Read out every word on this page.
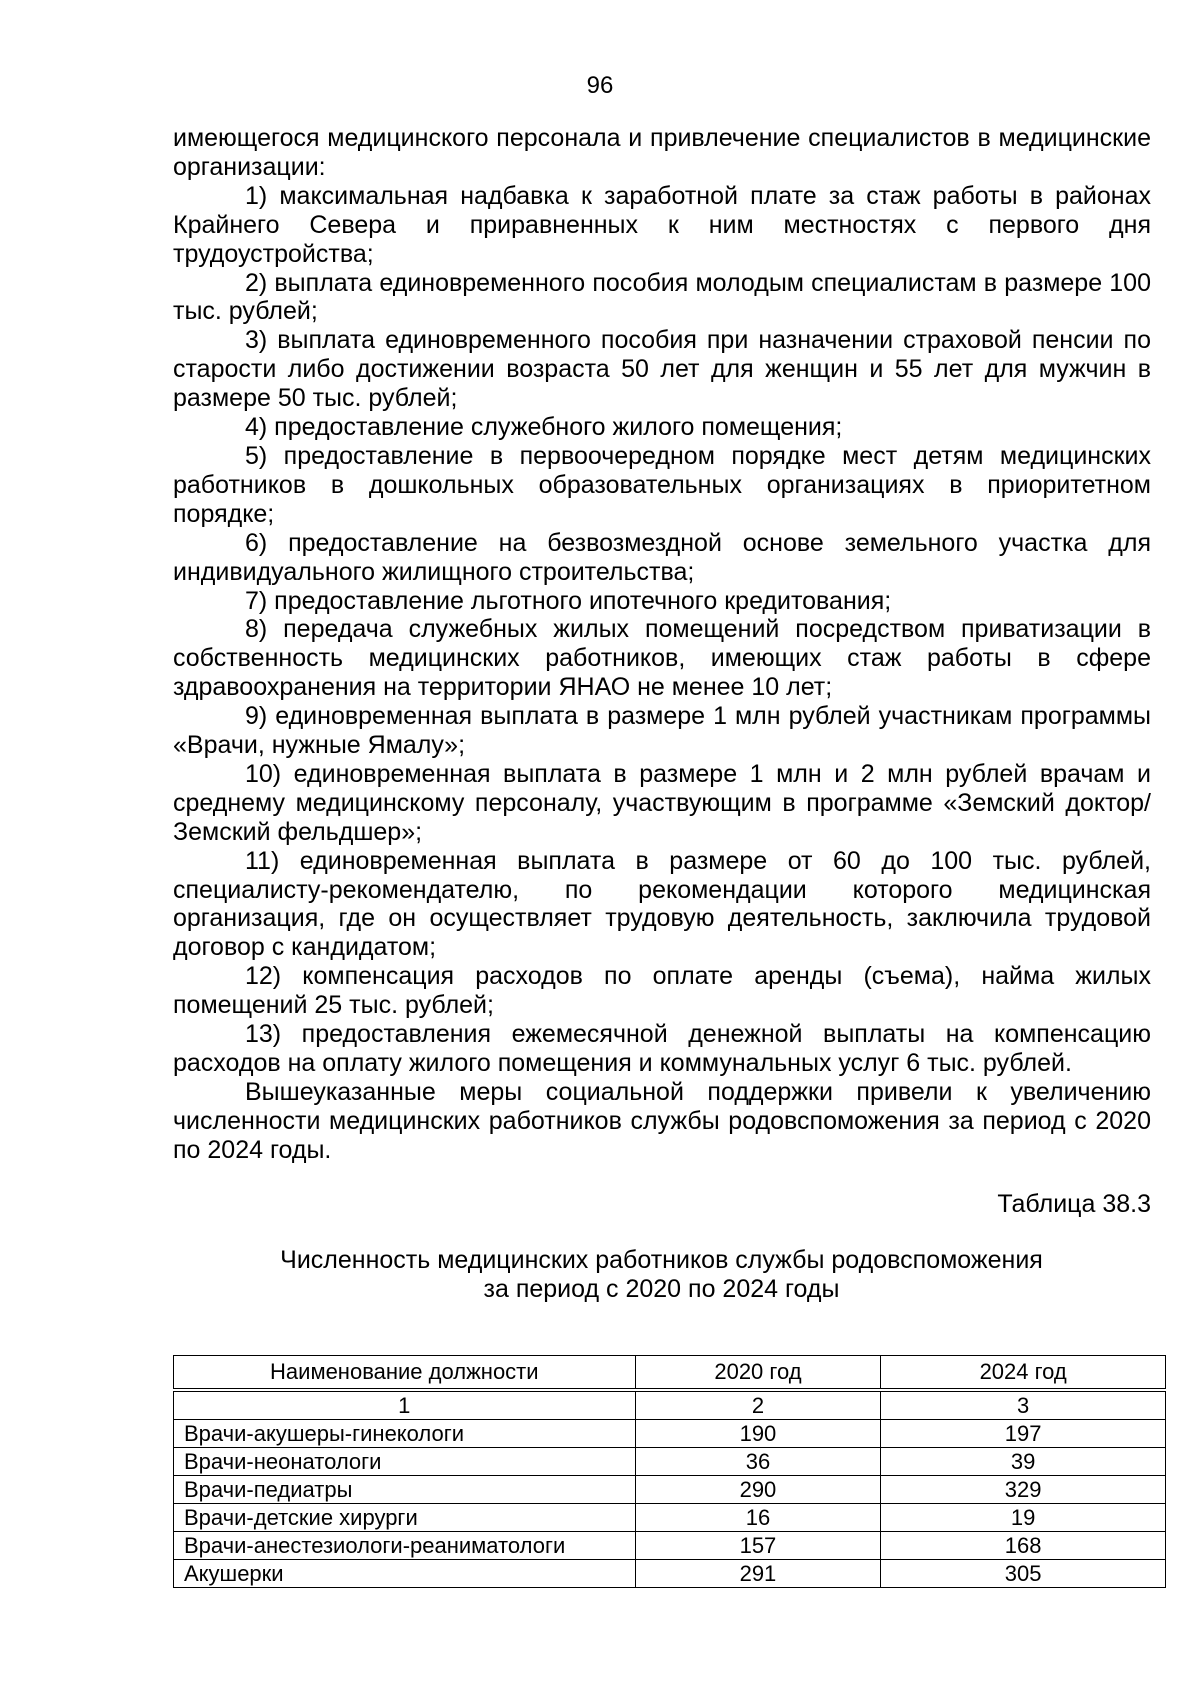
96

имеющегося медицинского персонала и привлечение специалистов в медицинские организации:

1) максимальная надбавка к заработной плате за стаж работы в районах Крайнего Севера и приравненных к ним местностях с первого дня трудоустройства;

2) выплата единовременного пособия молодым специалистам в размере 100 тыс. рублей;

3) выплата единовременного пособия при назначении страховой пенсии по старости либо достижении возраста 50 лет для женщин и 55 лет для мужчин в размере 50 тыс. рублей;

4) предоставление служебного жилого помещения;

5) предоставление в первоочередном порядке мест детям медицинских работников в дошкольных образовательных организациях в приоритетном порядке;

6) предоставление на безвозмездной основе земельного участка для индивидуального жилищного строительства;

7) предоставление льготного ипотечного кредитования;

8) передача служебных жилых помещений посредством приватизации в собственность медицинских работников, имеющих стаж работы в сфере здравоохранения на территории ЯНАО не менее 10 лет;

9) единовременная выплата в размере 1 млн рублей участникам программы «Врачи, нужные Ямалу»;

10) единовременная выплата в размере 1 млн и 2 млн рублей врачам и среднему медицинскому персоналу, участвующим в программе «Земский доктор/Земский фельдшер»;

11) единовременная выплата в размере от 60 до 100 тыс. рублей, специалисту-рекомендателю, по рекомендации которого медицинская организация, где он осуществляет трудовую деятельность, заключила трудовой договор с кандидатом;

12) компенсация расходов по оплате аренды (съема), найма жилых помещений 25 тыс. рублей;

13) предоставления ежемесячной денежной выплаты на компенсацию расходов на оплату жилого помещения и коммунальных услуг 6 тыс. рублей.

Вышеуказанные меры социальной поддержки привели к увеличению численности медицинских работников службы родовспоможения за период с 2020 по 2024 годы.

Таблица 38.3
Численность медицинских работников службы родовспоможения
за период с 2020 по 2024 годы
Наименование должности	2020 год	2024 год

1	2	3
Врачи-акушеры-гинекологи	190	197
Врачи-неонатологи	36	39
Врачи-педиатры	290	329
Врачи-детские хирурги	16	19
Врачи-анестезиологи-реаниматологи	157	168
Акушерки	291	305
